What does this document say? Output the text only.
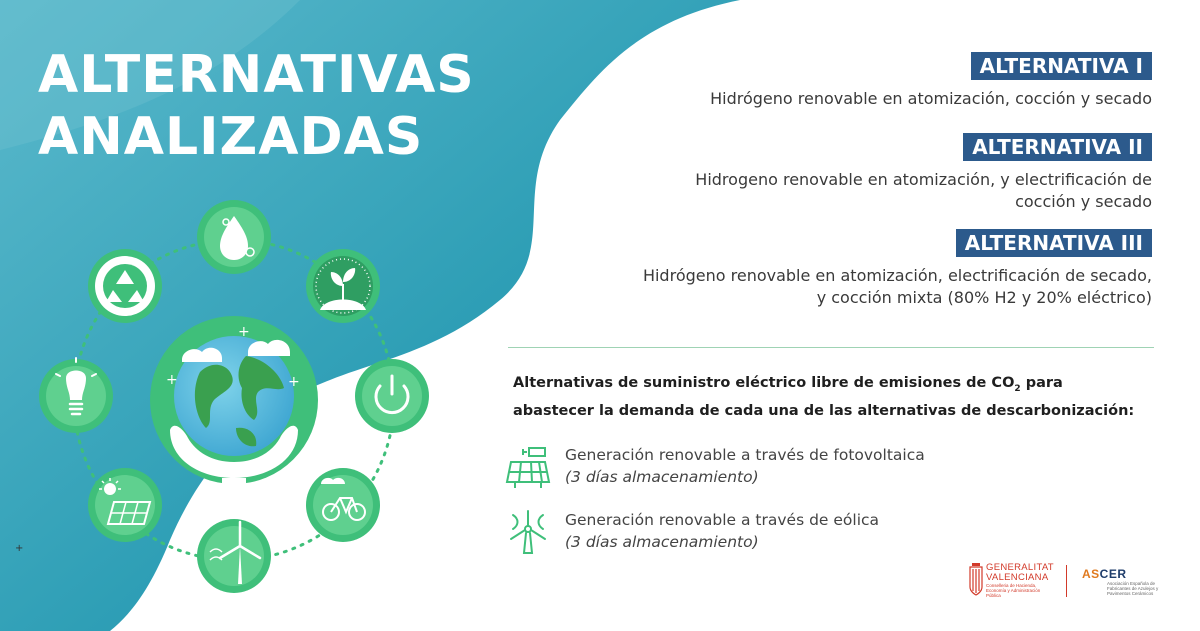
+
+
+	+
ALTERNATIVAS
ANALIZADAS
ALTERNATIVA I
Hidrógeno renovable en atomización, cocción y secado
ALTERNATIVA II
Hidrogeno renovable en atomización, y electrificación de
cocción y secado
ALTERNATIVA III
Hidrógeno renovable en atomización, electrificación de secado,
y cocción mixta (80% H2 y 20% eléctrico)
Alternativas de suministro eléctrico libre de emisiones de $CO_2$ para
abastecer la demanda de cada una de las alternativas de descarbonización:
Generación renovable a través de fotovoltaica
(3 días almacenamiento)
Generación renovable a través de eólica
(3 días almacenamiento)
GENERALITAT
VALENCIANA
Conselleria de Hacienda, Economía y Administración Pública
ASCER
Asociación Española de Fabricantes de Azulejos y Pavimentos Cerámicos
